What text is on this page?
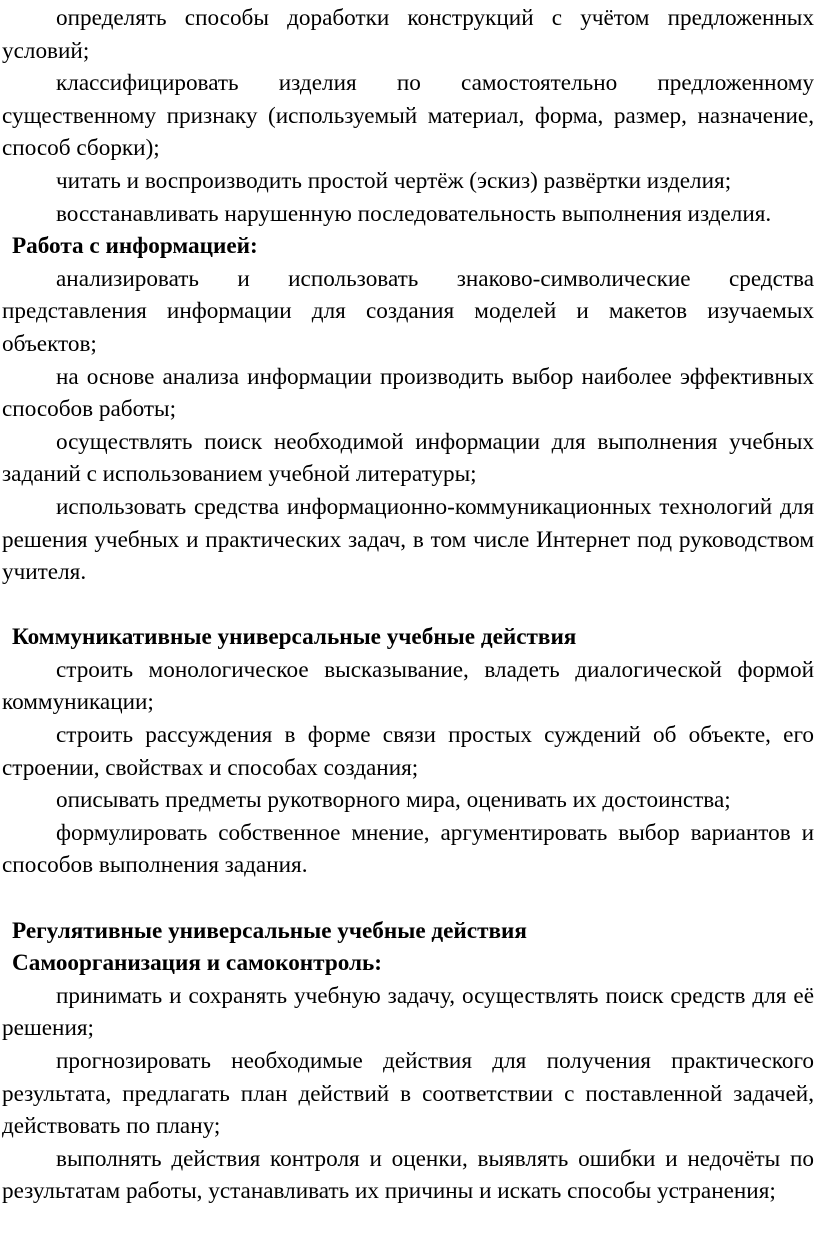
определять способы доработки конструкций с учётом предложенных условий;

классифицировать изделия по самостоятельно предложенному существенному признаку (используемый материал, форма, размер, назначение, способ сборки);

читать и воспроизводить простой чертёж (эскиз) развёртки изделия;

восстанавливать нарушенную последовательность выполнения изделия.

Работа с информацией:

анализировать и использовать знаково-символические средства представления информации для создания моделей и макетов изучаемых объектов;

на основе анализа информации производить выбор наиболее эффективных способов работы;

осуществлять поиск необходимой информации для выполнения учебных заданий с использованием учебной литературы;

использовать средства информационно-коммуникационных технологий для решения учебных и практических задач, в том числе Интернет под руководством учителя.

Коммуникативные универсальные учебные действия

строить монологическое высказывание, владеть диалогической формой коммуникации;

строить рассуждения в форме связи простых суждений об объекте, его строении, свойствах и способах создания;

описывать предметы рукотворного мира, оценивать их достоинства;

формулировать собственное мнение, аргументировать выбор вариантов и способов выполнения задания.

Регулятивные универсальные учебные действия

Самоорганизация и самоконтроль:

принимать и сохранять учебную задачу, осуществлять поиск средств для её решения;

прогнозировать необходимые действия для получения практического результата, предлагать план действий в соответствии с поставленной задачей, действовать по плану;

выполнять действия контроля и оценки, выявлять ошибки и недочёты по результатам работы, устанавливать их причины и искать способы устранения;
